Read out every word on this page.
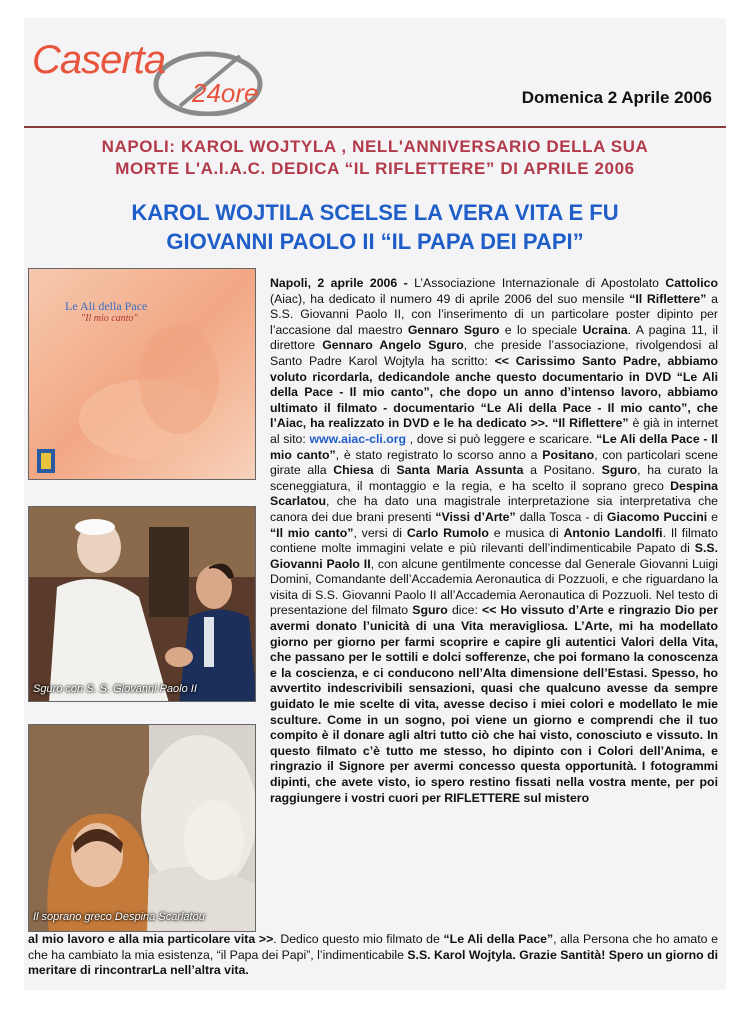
Caserta
24ore	Domenica 2 Aprile 2006
NAPOLI: KAROL WOJTYLA , NELL'ANNIVERSARIO DELLA SUA
MORTE L'A.I.A.C. DEDICA “IL RIFLETTERE” DI APRILE 2006
KAROL WOJTILA SCELSE LA VERA VITA E FU
GIOVANNI PAOLO II “IL PAPA DEI PAPI”
Le Ali della Pace
"Il mio canto"
Sguro con S. S. Giovanni Paolo II
Il soprano greco Despina Scarlatou
Napoli, 2 aprile 2006 - L’Associazione Internazionale di Apostolato Cattolico (Aiac), ha dedicato il numero 49 di aprile 2006 del suo mensile “Il Riflettere” a S.S. Giovanni Paolo II, con l’inserimento di un particolare poster dipinto per l’accasione dal maestro Gennaro Sguro e lo speciale Ucraina. A pagina 11, il direttore Gennaro Angelo Sguro, che preside l’associazione, rivolgendosi al Santo Padre Karol Wojtyla ha scritto: << Carissimo Santo Padre, abbiamo voluto ricordarla, dedicandole anche questo documentario in DVD “Le Ali della Pace - Il mio canto”, che dopo un anno d’intenso lavoro, abbiamo ultimato il filmato - documentario “Le Ali della Pace - Il mio canto”, che l’Aiac, ha realizzato in DVD e le ha dedicato >>. “Il Riflettere” è già in internet al sito: www.aiac-cli.org , dove si può leggere e scaricare. “Le Ali della Pace - Il mio canto”, è stato registrato lo scorso anno a Positano, con particolari scene girate alla Chiesa di Santa Maria Assunta a Positano. Sguro, ha curato la sceneggiatura, il montaggio e la regia, e ha scelto il soprano greco Despina Scarlatou, che ha dato una magistrale interpretazione sia interpretativa che canora dei due brani presenti “Vissi d’Arte” dalla Tosca - di Giacomo Puccini e “Il mio canto”, versi di Carlo Rumolo e musica di Antonio Landolfi. Il filmato contiene molte immagini velate e più rilevanti dell’indimenticabile Papato di S.S. Giovanni Paolo II, con alcune gentilmente concesse dal Generale Giovanni Luigi Domini, Comandante dell’Accademia Aeronautica di Pozzuoli, e che riguardano la visita di S.S. Giovanni Paolo II all’Accademia Aeronautica di Pozzuoli. Nel testo di presentazione del filmato Sguro dice: << Ho vissuto d’Arte e ringrazio Dio per avermi donato l’unicità di una Vita meravigliosa. L’Arte, mi ha modellato giorno per giorno per farmi scoprire e capire gli autentici Valori della Vita, che passano per le sottili e dolci sofferenze, che poi formano la conoscenza e la coscienza, e ci conducono nell’Alta dimensione dell’Estasi. Spesso, ho avvertito indescrivibili sensazioni, quasi che qualcuno avesse da sempre guidato le mie scelte di vita, avesse deciso i miei colori e modellato le mie sculture. Come in un sogno, poi viene un giorno e comprendi che il tuo compito è il donare agli altri tutto ciò che hai visto, conosciuto e vissuto. In questo filmato c’è tutto me stesso, ho dipinto con i Colori dell’Anima, e ringrazio il Signore per avermi concesso questa opportunità. I fotogrammi dipinti, che avete visto, io spero restino fissati nella vostra mente, per poi raggiungere i vostri cuori per RIFLETTERE sul mistero
al mio lavoro e alla mia particolare vita >>. Dedico questo mio filmato de “Le Ali della Pace”, alla Persona che ho amato e che ha cambiato la mia esistenza, “il Papa dei Papi”, l’indimenticabile S.S. Karol Wojtyla. Grazie Santità! Spero un giorno di meritare di rincontrarLa nell’altra vita.
